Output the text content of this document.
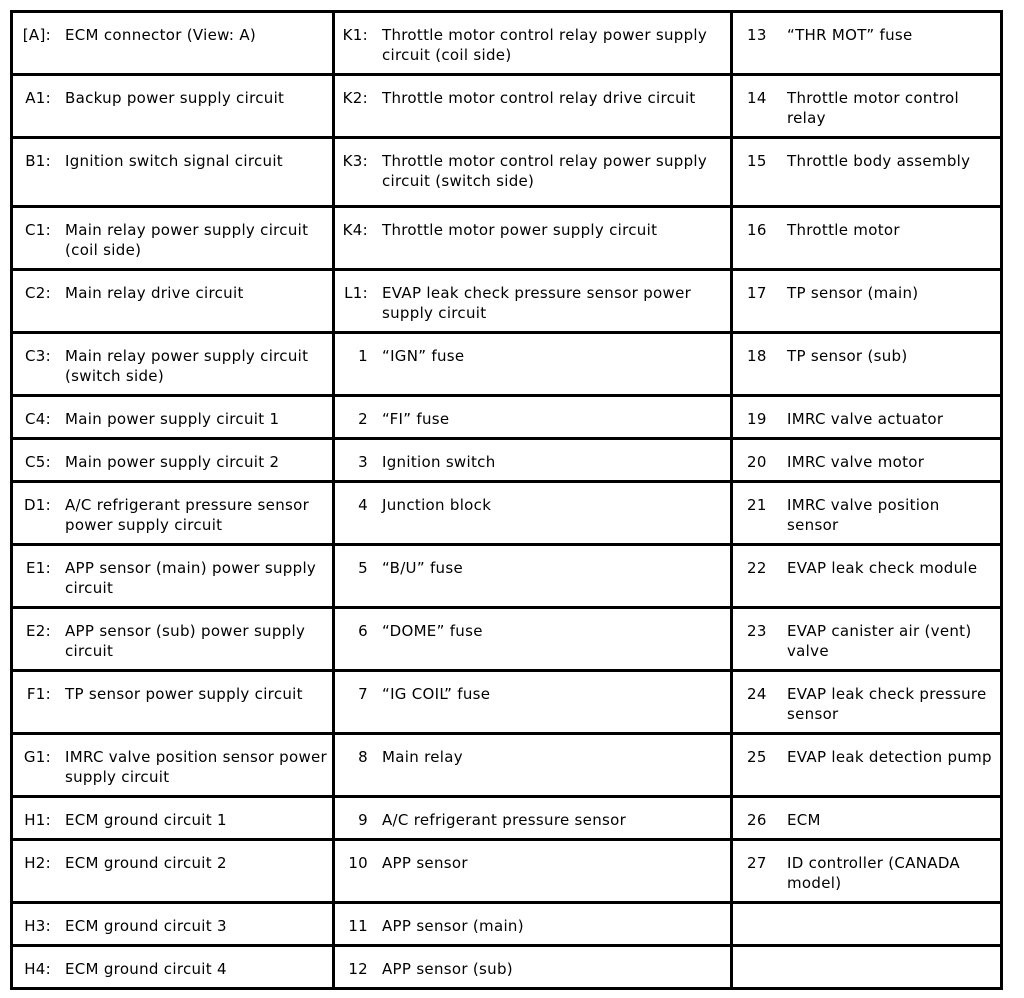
[A]: ECM connector (View: A)	K1: Throttle motor control relay power supply circuit (coil side)	13 “THR MOT” fuse

A1: Backup power supply circuit	K2: Throttle motor control relay drive circuit	14 Throttle motor control relay

B1: Ignition switch signal circuit	K3: Throttle motor control relay power supply circuit (switch side)	15 Throttle body assembly

C1: Main relay power supply circuit (coil side)	K4: Throttle motor power supply circuit	16 Throttle motor

C2: Main relay drive circuit	L1: EVAP leak check pressure sensor power supply circuit	17 TP sensor (main)

C3: Main relay power supply circuit (switch side)	1 “IGN” fuse	18 TP sensor (sub)

C4: Main power supply circuit 1	2 “FI” fuse	19 IMRC valve actuator

C5: Main power supply circuit 2	3 Ignition switch	20 IMRC valve motor

D1: A/C refrigerant pressure sensor power supply circuit	4 Junction block	21 IMRC valve position sensor

E1: APP sensor (main) power supply circuit	5 “B/U” fuse	22 EVAP leak check module

E2: APP sensor (sub) power supply circuit	6 “DOME” fuse	23 EVAP canister air (vent) valve

F1: TP sensor power supply circuit	7 “IG COIL” fuse	24 EVAP leak check pressure sensor

G1: IMRC valve position sensor power supply circuit	8 Main relay	25 EVAP leak detection pump

H1: ECM ground circuit 1	9 A/C refrigerant pressure sensor	26 ECM

H2: ECM ground circuit 2	10 APP sensor	27 ID controller (CANADA model)

H3: ECM ground circuit 3	11 APP sensor (main)	

H4: ECM ground circuit 4	12 APP sensor (sub)	
